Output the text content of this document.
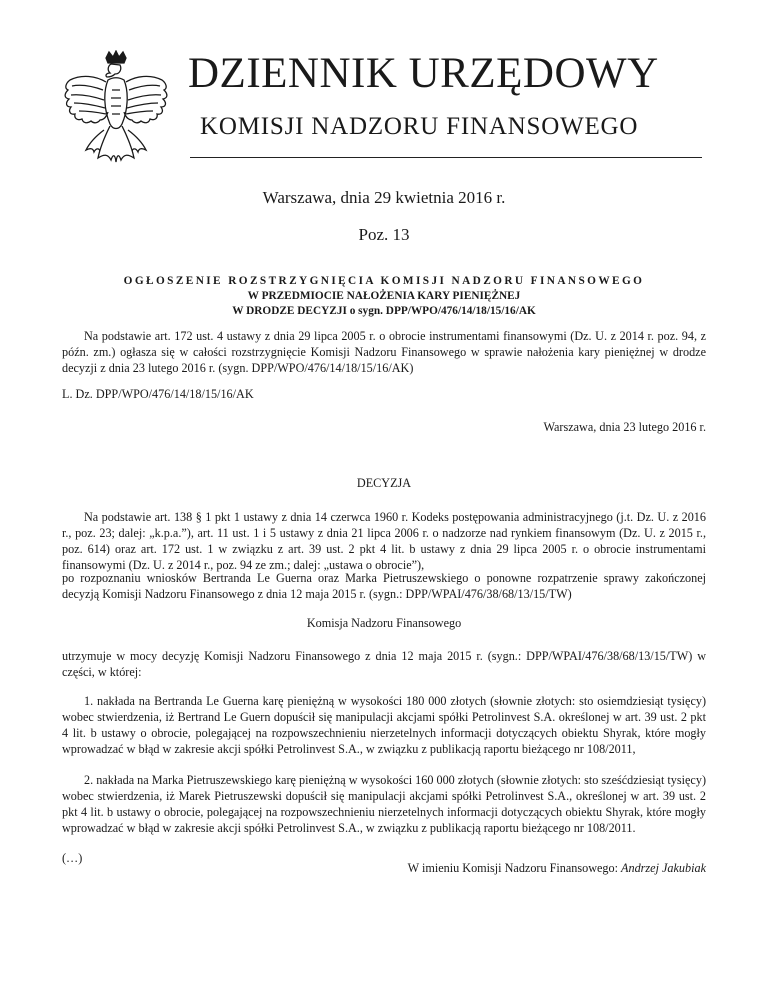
DZIENNIK URZĘDOWY
KOMISJI NADZORU FINANSOWEGO
Warszawa, dnia 29 kwietnia 2016 r.
Poz. 13
OGŁOSZENIE ROZSTRZYGNIĘCIA KOMISJI NADZORU FINANSOWEGO
W PRZEDMIOCIE NAŁOŻENIA KARY PIENIĘŻNEJ
W DRODZE DECYZJI o sygn. DPP/WPO/476/14/18/15/16/AK

Na podstawie art. 172 ust. 4 ustawy z dnia 29 lipca 2005 r. o obrocie instrumentami finansowymi (Dz. U. z 2014 r. poz. 94, z późn. zm.) ogłasza się w całości rozstrzygnięcie Komisji Nadzoru Finansowego w sprawie nałożenia kary pieniężnej w drodze decyzji z dnia 23 lutego 2016 r. (sygn. DPP/WPO/476/14/18/15/16/AK)

L. Dz. DPP/WPO/476/14/18/15/16/AK

Warszawa, dnia 23 lutego 2016 r.

DECYZJA

Na podstawie art. 138 § 1 pkt 1 ustawy z dnia 14 czerwca 1960 r. Kodeks postępowania administracyjnego (j.t. Dz. U. z 2016 r., poz. 23; dalej: „k.p.a.”), art. 11 ust. 1 i 5 ustawy z dnia 21 lipca 2006 r. o nadzorze nad rynkiem finansowym (Dz. U. z 2015 r., poz. 614) oraz art. 172 ust. 1 w związku z art. 39 ust. 2 pkt 4 lit. b ustawy z dnia 29 lipca 2005 r. o obrocie instrumentami finansowymi (Dz. U. z 2014 r., poz. 94 ze zm.; dalej: „ustawa o obrocie”),

po rozpoznaniu wniosków Bertranda Le Guerna oraz Marka Pietruszewskiego o ponowne rozpatrzenie sprawy zakończonej decyzją Komisji Nadzoru Finansowego z dnia 12 maja 2015 r. (sygn.: DPP/WPAI/476/38/68/13/15/TW)

Komisja Nadzoru Finansowego

utrzymuje w mocy decyzję Komisji Nadzoru Finansowego z dnia 12 maja 2015 r. (sygn.: DPP/WPAI/476/38/68/13/15/TW) w części, w której:

1. nakłada na Bertranda Le Guerna karę pieniężną w wysokości 180 000 złotych (słownie złotych: sto osiemdziesiąt tysięcy) wobec stwierdzenia, iż Bertrand Le Guern dopuścił się manipulacji akcjami spółki Petrolinvest S.A. określonej w art. 39 ust. 2 pkt 4 lit. b ustawy o obrocie, polegającej na rozpowszechnieniu nierzetelnych informacji dotyczących obiektu Shyrak, które mogły wprowadzać w błąd w zakresie akcji spółki Petrolinvest S.A., w związku z publikacją raportu bieżącego nr 108/2011,

2. nakłada na Marka Pietruszewskiego karę pieniężną w wysokości 160 000 złotych (słownie złotych: sto sześćdziesiąt tysięcy) wobec stwierdzenia, iż Marek Pietruszewski dopuścił się manipulacji akcjami spółki Petrolinvest S.A., określonej w art. 39 ust. 2 pkt 4 lit. b ustawy o obrocie, polegającej na rozpowszechnieniu nierzetelnych informacji dotyczących obiektu Shyrak, które mogły wprowadzać w błąd w zakresie akcji spółki Petrolinvest S.A., w związku z publikacją raportu bieżącego nr 108/2011.

(…)

W imieniu Komisji Nadzoru Finansowego: Andrzej Jakubiak
